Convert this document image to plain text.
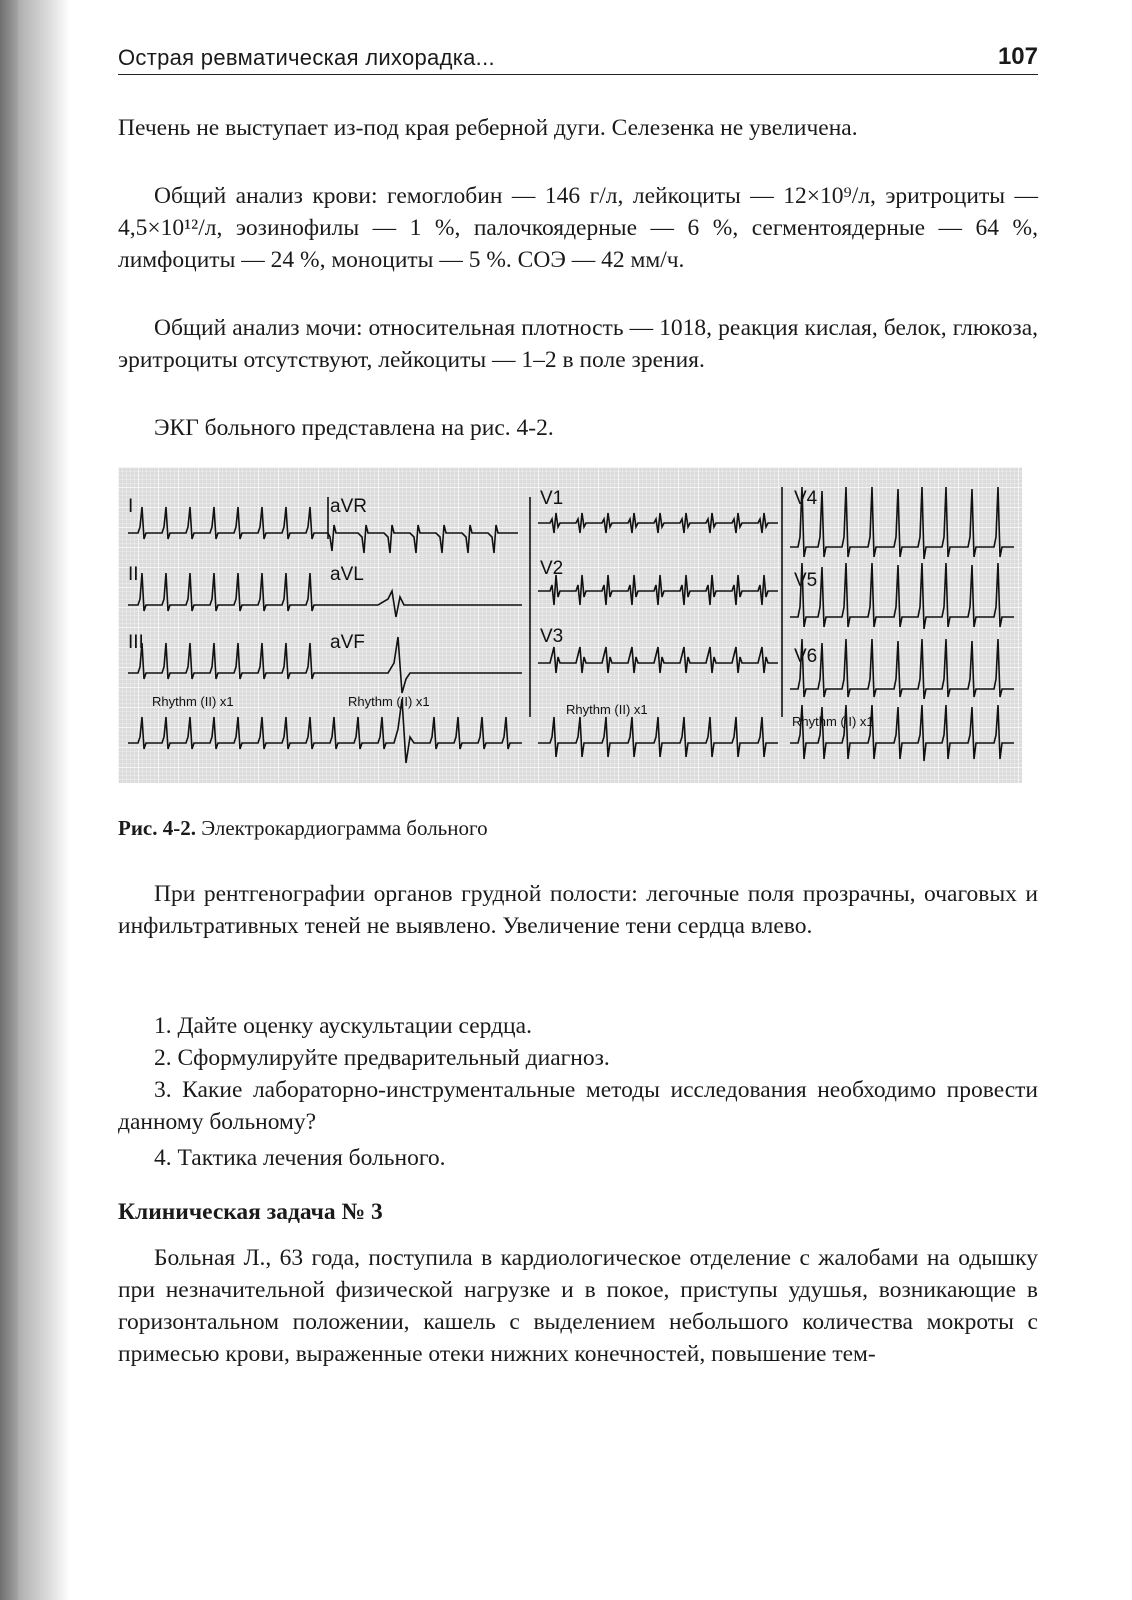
Острая ревматическая лихорадка...	107

Печень не выступает из-под края реберной дуги. Селезенка не увеличена.

Общий анализ крови: гемоглобин — 146 г/л, лейкоциты — 12×10⁹/л, эритроциты — 4,5×10¹²/л, эозинофилы — 1 %, палочкоядерные — 6 %, сегментоядерные — 64 %, лимфоциты — 24 %, моноциты — 5 %. СОЭ — 42 мм/ч.

Общий анализ мочи: относительная плотность — 1018, реакция кислая, белок, глюкоза, эритроциты отсутствуют, лейкоциты — 1–2 в поле зрения.

ЭКГ больного представлена на рис. 4-2.

I	aVR	V1	V4
II	aVL	V2
V5
III	aVF	V3
V6
Rhythm (II) x1	Rhythm (II) x1
Rhythm (II) x1
Rhythm (II) x1
Рис. 4-2. Электрокардиограмма больного

При рентгенографии органов грудной полости: легочные поля прозрачны, очаговых и инфильтративных теней не выявлено. Увеличение тени сердца влево.

1. Дайте оценку аускультации сердца.

2. Сформулируйте предварительный диагноз.

3. Какие лабораторно-инструментальные методы исследования необходимо провести данному больному?

4. Тактика лечения больного.

Клиническая задача № 3

Больная Л., 63 года, поступила в кардиологическое отделение с жалобами на одышку при незначительной физической нагрузке и в покое, приступы удушья, возникающие в горизонтальном положении, кашель с выделением небольшого количества мокроты с примесью крови, выраженные отеки нижних конечностей, повышение тем-
